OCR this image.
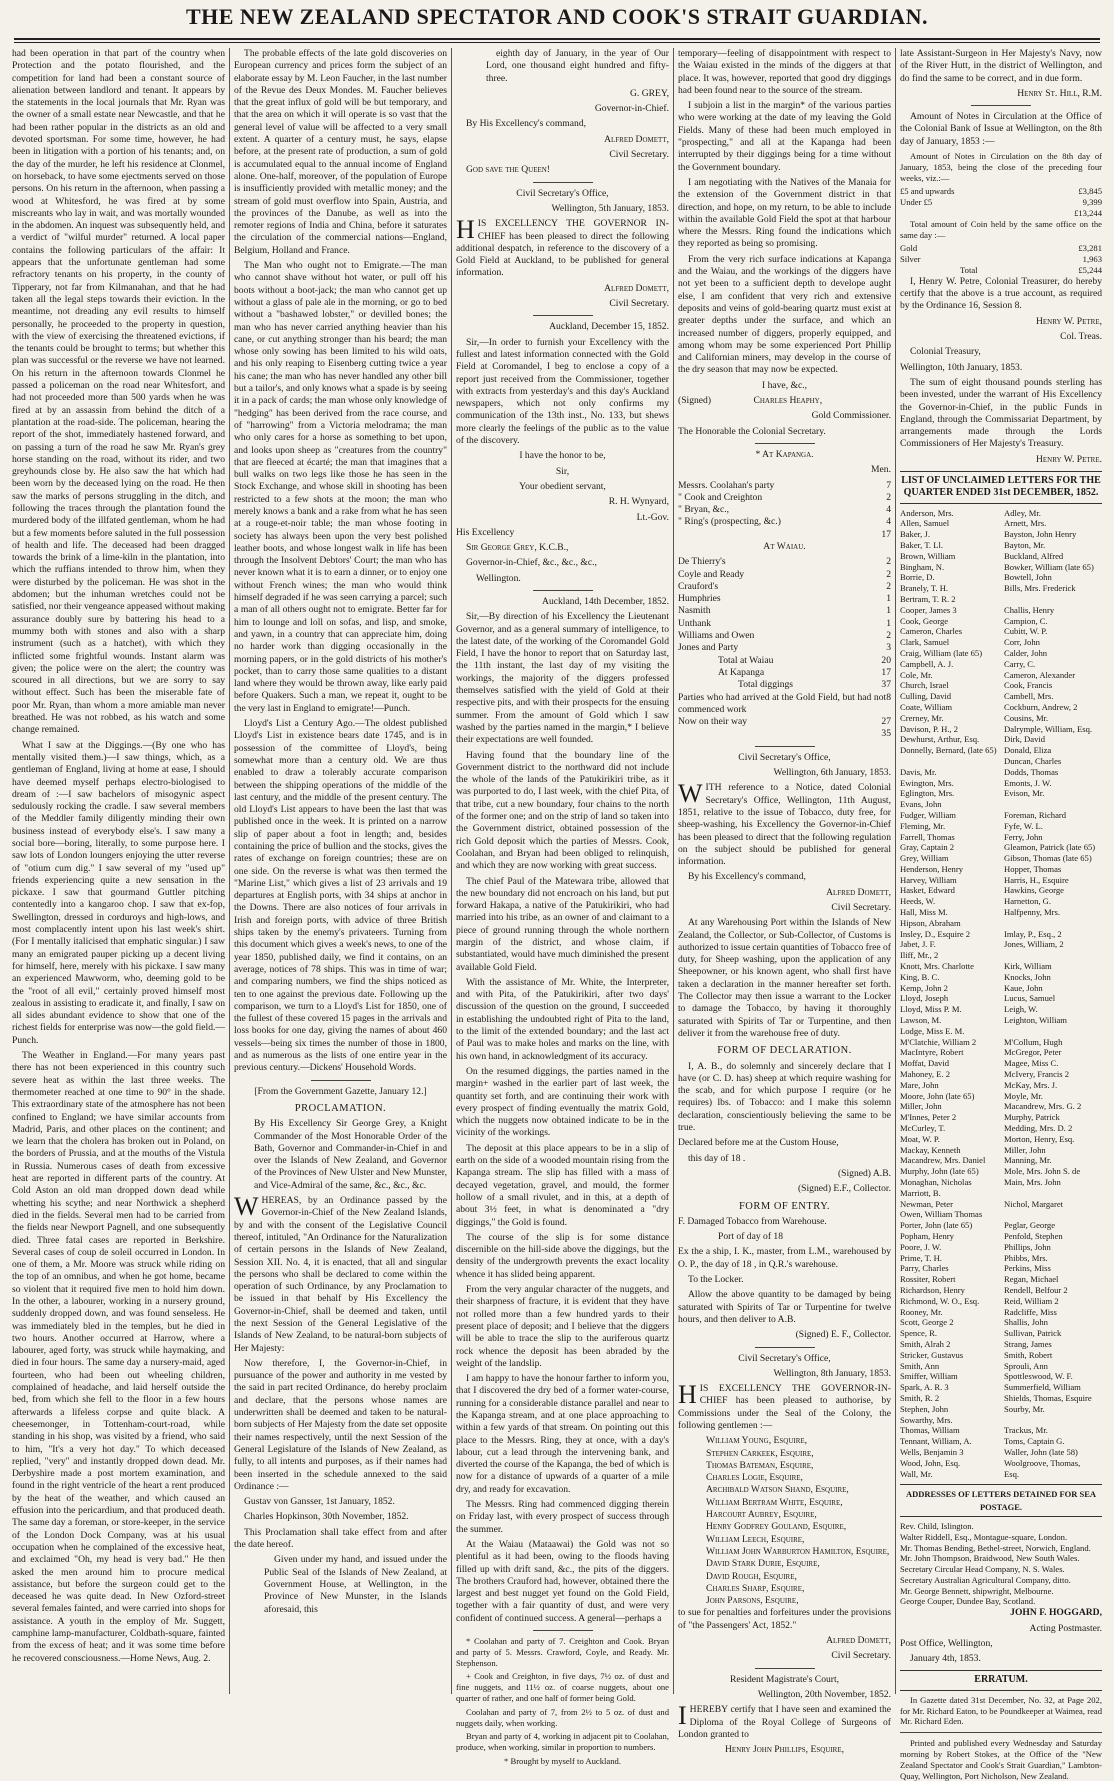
THE NEW ZEALAND SPECTATOR AND COOK'S STRAIT GUARDIAN.

had been operation in that part of the country when Protection and the potato flourished, and the competition for land had been a constant source of alienation between landlord and tenant. It appears by the statements in the local journals that Mr. Ryan was the owner of a small estate near Newcastle, and that he had been rather popular in the districts as an old and devoted sportsman. For some time, however, he had been in litigation with a portion of his tenants; and, on the day of the murder, he left his residence at Clonmel, on horseback, to have some ejectments served on those persons. On his return in the afternoon, when passing a wood at Whitesford, he was fired at by some miscreants who lay in wait, and was mortally wounded in the abdomen. An inquest was subsequently held, and a verdict of "wilful murder" returned. A local paper contains the following particulars of the affair: It appears that the unfortunate gentleman had some refractory tenants on his property, in the county of Tipperary, not far from Kilmanahan, and that he had taken all the legal steps towards their eviction. In the meantime, not dreading any evil results to himself personally, he proceeded to the property in question, with the view of exercising the threatened evictions, if the tenants could be brought to terms; but whether this plan was successful or the reverse we have not learned. On his return in the afternoon towards Clonmel he passed a policeman on the road near Whitesfort, and had not proceeded more than 500 yards when he was fired at by an assassin from behind the ditch of a plantation at the road-side. The policeman, hearing the report of the shot, immediately hastened forward, and on passing a turn of the road he saw Mr. Ryan's grey horse standing on the road, without its rider, and two greyhounds close by. He also saw the hat which had been worn by the deceased lying on the road. He then saw the marks of persons struggling in the ditch, and following the traces through the plantation found the murdered body of the illfated gentleman, whom he had but a few moments before saluted in the full possession of health and life. The deceased had been dragged towards the brink of a lime-kiln in the plantation, into which the ruffians intended to throw him, when they were disturbed by the policeman. He was shot in the abdomen; but the inhuman wretches could not be satisfied, nor their vengeance appeased without making assurance doubly sure by battering his head to a mummy both with stones and also with a sharp instrument (such as a hatchet), with which they inflicted some frightful wounds. Instant alarm was given; the police were on the alert; the country was scoured in all directions, but we are sorry to say without effect. Such has been the miserable fate of poor Mr. Ryan, than whom a more amiable man never breathed. He was not robbed, as his watch and some change remained.

What I saw at the Diggings.—(By one who has mentally visited them.)—I saw things, which, as a gentleman of England, living at home at ease, I should have deemed myself perhaps electro-biologised to dream of :—I saw bachelors of misogynic aspect sedulously rocking the cradle. I saw several members of the Meddler family diligently minding their own business instead of everybody else's. I saw many a social bore—boring, literally, to some purpose here. I saw lots of London loungers enjoying the utter reverse of "otium cum dig." I saw several of my "used up" friends experiencing quite a new sensation in the pickaxe. I saw that gourmand Guttler pitching contentedly into a kangaroo chop. I saw that ex-fop, Swellington, dressed in corduroys and high-lows, and most complacently intent upon his last week's shirt. (For I mentally italicised that emphatic singular.) I saw many an emigrated pauper picking up a decent living for himself, here, merely with his pickaxe. I saw many an experienced Mawworm, who, deeming gold to be the "root of all evil," certainly proved himself most zealous in assisting to eradicate it, and finally, I saw on all sides abundant evidence to show that one of the richest fields for enterprise was now—the gold field.—Punch.

The Weather in England.—For many years past there has not been experienced in this country such severe heat as within the last three weeks. The thermometer reached at one time to 90° in the shade. This extraordinary state of the atmosphere has not been confined to England; we have similar accounts from Madrid, Paris, and other places on the continent; and we learn that the cholera has broken out in Poland, on the borders of Prussia, and at the mouths of the Vistula in Russia. Numerous cases of death from excessive heat are reported in different parts of the country. At Cold Aston an old man dropped down dead while whetting his scythe; and near Northwick a shepherd died in the fields. Several men had to be carried from the fields near Newport Pagnell, and one subsequently died. Three fatal cases are reported in Berkshire. Several cases of coup de soleil occurred in London. In one of them, a Mr. Moore was struck while riding on the top of an omnibus, and when he got home, became so violent that it required five men to hold him down. In the other, a labourer, working in a nursery ground, suddenly dropped down, and was found senseless. He was immediately bled in the temples, but he died in two hours. Another occurred at Harrow, where a labourer, aged forty, was struck while haymaking, and died in four hours. The same day a nursery-maid, aged fourteen, who had been out wheeling children, complained of headache, and laid herself outside the bed, from which she fell to the floor in a few hours afterwards a lifeless corpse and quite black. A cheesemonger, in Tottenham-court-road, while standing in his shop, was visited by a friend, who said to him, "It's a very hot day." To which deceased replied, "very" and instantly dropped down dead. Mr. Derbyshire made a post mortem examination, and found in the right ventricle of the heart a rent produced by the heat of the weather, and which caused an effusion into the pericardium, and that produced death. The same day a foreman, or store-keeper, in the service of the London Dock Company, was at his usual occupation when he complained of the excessive heat, and exclaimed "Oh, my head is very bad." He then asked the men around him to procure medical assistance, but before the surgeon could get to the deceased he was quite dead. In New Ozford-street several females fainted, and were carried into shops for assistance. A youth in the employ of Mr. Suggett, camphine lamp-manufacturer, Coldbath-square, fainted from the excess of heat; and it was some time before he recovered consciousness.—Home News, Aug. 2.

The probable effects of the late gold discoveries on European currency and prices form the subject of an elaborate essay by M. Leon Faucher, in the last number of the Revue des Deux Mondes. M. Faucher believes that the great influx of gold will be but temporary, and that the area on which it will operate is so vast that the general level of value will be affected to a very small extent. A quarter of a century must, he says, elapse before, at the present rate of production, a sum of gold is accumulated equal to the annual income of England alone. One-half, moreover, of the population of Europe is insufficiently provided with metallic money; and the stream of gold must overflow into Spain, Austria, and the provinces of the Danube, as well as into the remoter regions of India and China, before it saturates the circulation of the commercial nations—England, Belgium, Holland and France.

The Man who ought not to Emigrate.—The man who cannot shave without hot water, or pull off his boots without a boot-jack; the man who cannot get up without a glass of pale ale in the morning, or go to bed without a "bashawed lobster," or devilled bones; the man who has never carried anything heavier than his cane, or cut anything stronger than his beard; the man whose only sowing has been limited to his wild oats, and his only reaping to Eisenberg cutting twice a year his cane; the man who has never handled any other bill but a tailor's, and only knows what a spade is by seeing it in a pack of cards; the man whose only knowledge of "hedging" has been derived from the race course, and of "harrowing" from a Victoria melodrama; the man who only cares for a horse as something to bet upon, and looks upon sheep as "creatures from the country" that are fleeced at écarté; the man that imagines that a bull walks on two legs like those he has seen in the Stock Exchange, and whose skill in shooting has been restricted to a few shots at the moon; the man who merely knows a bank and a rake from what he has seen at a rouge-et-noir table; the man whose footing in society has always been upon the very best polished leather boots, and whose longest walk in life has been through the Insolvent Debtors' Court; the man who has never known what it is to earn a dinner, or to enjoy one without French wines; the man who would think himself degraded if he was seen carrying a parcel; such a man of all others ought not to emigrate. Better far for him to lounge and loll on sofas, and lisp, and smoke, and yawn, in a country that can appreciate him, doing no harder work than digging occasionally in the morning papers, or in the gold districts of his mother's pocket, than to carry those same qualities to a distant land where they would be thrown away, like early paid before Quakers. Such a man, we repeat it, ought to be the very last in England to emigrate!—Punch.

Lloyd's List a Century Ago.—The oldest published Lloyd's List in existence bears date 1745, and is in possession of the committee of Lloyd's, being somewhat more than a century old. We are thus enabled to draw a tolerably accurate comparison between the shipping operations of the middle of the last century, and the middle of the present century. The old Lloyd's List appears to have been the last that was published once in the week. It is printed on a narrow slip of paper about a foot in length; and, besides containing the price of bullion and the stocks, gives the rates of exchange on foreign countries; these are on one side. On the reverse is what was then termed the "Marine List," which gives a list of 23 arrivals and 19 departures at English ports, with 34 ships at anchor in the Downs. There are also notices of four arrivals in Irish and foreign ports, with advice of three British ships taken by the enemy's privateers. Turning from this document which gives a week's news, to one of the year 1850, published daily, we find it contains, on an average, notices of 78 ships. This was in time of war; and comparing numbers, we find the ships noticed as ten to one against the previous date. Following up the comparison, we turn to a Lloyd's List for 1850, one of the fullest of these covered 15 pages in the arrivals and loss books for one day, giving the names of about 460 vessels—being six times the number of those in 1800, and as numerous as the lists of one entire year in the previous century.—Dickens' Household Words.

[From the Government Gazette, January 12.]

PROCLAMATION.

By His Excellency Sir George Grey, a Knight Commander of the Most Honorable Order of the Bath, Governor and Commander-in-Chief in and over the Islands of New Zealand, and Governor of the Provinces of New Ulster and New Munster, and Vice-Admiral of the same, &c., &c., &c.

WHEREAS, by an Ordinance passed by the Governor-in-Chief of the New Zealand Islands, by and with the consent of the Legislative Council thereof, intituled, "An Ordinance for the Naturalization of certain persons in the Islands of New Zealand, Session XII. No. 4, it is enacted, that all and singular the persons who shall be declared to come within the operation of such Ordinance, by any Proclamation to be issued in that behalf by His Excellency the Governor-in-Chief, shall be deemed and taken, until the next Session of the General Legislative of the Islands of New Zealand, to be natural-born subjects of Her Majesty:

Now therefore, I, the Governor-in-Chief, in pursuance of the power and authority in me vested by the said in part recited Ordinance, do hereby proclaim and declare, that the persons whose names are underwritten shall be deemed and taken to be natural-born subjects of Her Majesty from the date set opposite their names respectively, until the next Session of the General Legislature of the Islands of New Zealand, as fully, to all intents and purposes, as if their names had been inserted in the schedule annexed to the said Ordinance :—

Gustav von Gansser, 1st January, 1852.

Charles Hopkinson, 30th November, 1852.

This Proclamation shall take effect from and after the date hereof.

Given under my hand, and issued under the Public Seal of the Islands of New Zealand, at Government House, at Wellington, in the Province of New Munster, in the Islands aforesaid, this

eighth day of January, in the year of Our Lord, one thousand eight hundred and fifty-three.

G. GREY,

Governor-in-Chief.

By His Excellency's command,

Alfred Domett,

Civil Secretary.

God save the Queen!

Civil Secretary's Office,

Wellington, 5th January, 1853.

HIS EXCELLENCY THE GOVERNOR IN-CHIEF has been pleased to direct the following additional despatch, in reference to the discovery of a Gold Field at Auckland, to be published for general information.

Alfred Domett,

Civil Secretary.

Auckland, December 15, 1852.

Sir,—In order to furnish your Excellency with the fullest and latest information connected with the Gold Field at Coromandel, I beg to enclose a copy of a report just received from the Commissioner, together with extracts from yesterday's and this day's Auckland newspapers, which not only confirms my communication of the 13th inst., No. 133, but shews more clearly the feelings of the public as to the value of the discovery.

I have the honor to be,

Sir,

Your obedient servant,

R. H. Wynyard,

Lt.-Gov.

His Excellency

Sir George Grey, K.C.B.,

Governor-in-Chief, &c., &c., &c.,

Wellington.

Auckland, 14th December, 1852.

Sir,—By direction of his Excellency the Lieutenant Governor, and as a general summary of intelligence, to the latest date, of the working of the Coromandel Gold Field, I have the honor to report that on Saturday last, the 11th instant, the last day of my visiting the workings, the majority of the diggers professed themselves satisfied with the yield of Gold at their respective pits, and with their prospects for the ensuing summer. From the amount of Gold which I saw washed by the parties named in the margin,* I believe their expectations are well founded.

Having found that the boundary line of the Government district to the northward did not include the whole of the lands of the Patukirikiri tribe, as it was purported to do, I last week, with the chief Pita, of that tribe, cut a new boundary, four chains to the north of the former one; and on the strip of land so taken into the Government district, obtained possession of the rich Gold deposit which the parties of Messrs. Cook, Coolahan, and Bryan had been obliged to relinquish, and which they are now working with great success.

The chief Paul of the Matewara tribe, allowed that the new boundary did not encroach on his land, but put forward Hakapa, a native of the Patukirikiri, who had married into his tribe, as an owner of and claimant to a piece of ground running through the whole northern margin of the district, and whose claim, if substantiated, would have much diminished the present available Gold Field.

With the assistance of Mr. White, the Interpreter, and with Pita, of the Patukirikiri, after two days' discussion of the question on the ground, I succeeded in establishing the undoubted right of Pita to the land, to the limit of the extended boundary; and the last act of Paul was to make holes and marks on the line, with his own hand, in acknowledgment of its accuracy.

On the resumed diggings, the parties named in the margin+ washed in the earlier part of last week, the quantity set forth, and are continuing their work with every prospect of finding eventually the matrix Gold, which the nuggets now obtained indicate to be in the vicinity of the workings.

The deposit at this place appears to be in a slip of earth on the side of a wooded mountain rising from the Kapanga stream. The slip has filled with a mass of decayed vegetation, gravel, and mould, the former hollow of a small rivulet, and in this, at a depth of about 3½ feet, in what is denominated a "dry diggings," the Gold is found.

The course of the slip is for some distance discernible on the hill-side above the diggings, but the density of the undergrowth prevents the exact locality whence it has slided being apparent.

From the very angular character of the nuggets, and their sharpness of fracture, it is evident that they have not rolled more than a few hundred yards to their present place of deposit; and I believe that the diggers will be able to trace the slip to the auriferous quartz rock whence the deposit has been abraded by the weight of the landslip.

I am happy to have the honour farther to inform you, that I discovered the dry bed of a former water-course, running for a considerable distance parallel and near to the Kapanga stream, and at one place approaching to within a few yards of that stream. On pointing out this place to the Messrs. Ring, they at once, with a day's labour, cut a lead through the intervening bank, and diverted the course of the Kapanga, the bed of which is now for a distance of upwards of a quarter of a mile dry, and ready for excavation.

The Messrs. Ring had commenced digging therein on Friday last, with every prospect of success through the summer.

At the Waiau (Mataawai) the Gold was not so plentiful as it had been, owing to the floods having filled up with drift sand, &c., the pits of the diggers. The brothers Crauford had, however, obtained there the largest and best nugget yet found on the Gold Field, together with a fair quantity of dust, and were very confident of continued success. A general—perhaps a

* Coolahan and party of 7. Creighton and Cook. Bryan and party of 5. Messrs. Crawford, Coyle, and Ready. Mr. Stephenson.

+ Cook and Creighton, in five days, 7½ oz. of dust and fine nuggets, and 11½ oz. of coarse nuggets, about one quarter of rather, and one half of former being Gold.

Coolahan and party of 7, from 2½ to 5 oz. of dust and nuggets daily, when working.

Bryan and party of 4, working in adjacent pit to Coolahan, produce, when working, similar in proportion to numbers.

* Brought by myself to Auckland.

temporary—feeling of disappointment with respect to the Waiau existed in the minds of the diggers at that place. It was, however, reported that good dry diggings had been found near to the source of the stream.

I subjoin a list in the margin* of the various parties who were working at the date of my leaving the Gold Fields. Many of these had been much employed in "prospecting," and all at the Kapanga had been interrupted by their diggings being for a time without the Government boundary.

I am negotiating with the Natives of the Manaia for the extension of the Government district in that direction, and hope, on my return, to be able to include within the available Gold Field the spot at that harbour where the Messrs. Ring found the indications which they reported as being so promising.

From the very rich surface indications at Kapanga and the Waiau, and the workings of the diggers have not yet been to a sufficient depth to develope aught else, I am confident that very rich and extensive deposits and veins of gold-bearing quartz must exist at greater depths under the surface, and which an increased number of diggers, properly equipped, and among whom may be some experienced Port Phillip and Californian miners, may develop in the course of the dry season that may now be expected.

I have, &c.,

(Signed)	Charles Heaphy,

Gold Commissioner.

The Honorable the Colonial Secretary.

* At Kapanga.

Men.

Messrs. Coolahan's party	7
" Cook and Creighton	2
" Bryan, &c.,	4
" Ring's (prospecting, &c.)	4
17

At Waiau.

De Thierry's	2
Coyle and Ready	2
Crauford's	2
Humphries	1
Nasmith	1
Unthank	1
Williams and Owen	2
Jones and Party	3
Total at Waiau	20
At Kapanga	17
Total diggings	37
Parties who had arrived at the Gold Field, but had not commenced work
8
Now on their way	27
35

Civil Secretary's Office,

Wellington, 6th January, 1853.

WITH reference to a Notice, dated Colonial Secretary's Office, Wellington, 11th August, 1851, relative to the issue of Tobacco, duty free, for sheep-washing, his Excellency the Governor-in-Chief has been pleased to direct that the following regulation on the subject should be published for general information.

By his Excellency's command,

Alfred Domett,

Civil Secretary.

At any Warehousing Port within the Islands of New Zealand, the Collector, or Sub-Collector, of Customs is authorized to issue certain quantities of Tobacco free of duty, for Sheep washing, upon the application of any Sheepowner, or his known agent, who shall first have taken a declaration in the manner hereafter set forth. The Collector may then issue a warrant to the Locker to damage the Tobacco, by having it thoroughly saturated with Spirits of Tar or Turpentine, and then deliver it from the warehouse free of duty.

FORM OF DECLARATION.

I, A. B., do solemnly and sincerely declare that I have (or C. D. has) sheep at which require washing for the scab, and for which purpose I require (or he requires) lbs. of Tobacco: and I make this solemn declaration, conscientiously believing the same to be true.

Declared before me at the Custom House,

this day of 18 .

(Signed) A.B.

(Signed) E.F., Collector.

FORM OF ENTRY.

F. Damaged Tobacco from Warehouse.

Port of day of 18

Ex the a ship, I. K., master, from L.M., warehoused by O. P., the day of 18 , in Q.R.'s warehouse.

To the Locker.

Allow the above quantity to be damaged by being saturated with Spirits of Tar or Turpentine for twelve hours, and then deliver to A.B.

(Signed) E. F., Collector.

Civil Secretary's Office,

Wellington, 8th January, 1853.

HIS EXCELLENCY THE GOVERNOR-IN-CHIEF has been pleased to authorise, by Commissions under the Seal of the Colony, the following gentlemen :—

William Young, Esquire,
Stephen Carkeek, Esquire,
Thomas Bateman, Esquire,
Charles Logie, Esquire,
Archibald Watson Shand, Esquire,
William Bertram White, Esquire,
Harcourt Aubrey, Esquire,
Henry Godfrey Gouland, Esquire,
William Leech, Esquire,
William John Warburton Hamilton, Esquire,
David Stark Durie, Esquire,
David Rough, Esquire,
Charles Sharp, Esquire,
John Parsons, Esquire,

to sue for penalties and forfeitures under the provisions of "the Passengers' Act, 1852."

Alfred Domett,

Civil Secretary.

Resident Magistrate's Court,

Wellington, 20th November, 1852.

IHEREBY certify that I have seen and examined the Diploma of the Royal College of Surgeons of London granted to

Henry John Phillips, Esquire,

late Assistant-Surgeon in Her Majesty's Navy, now of the River Hutt, in the district of Wellington, and do find the same to be correct, and in due form.

Henry St. Hill, R.M.

Amount of Notes in Circulation at the Office of the Colonial Bank of Issue at Wellington, on the 8th day of January, 1853 :—

Amount of Notes in Circulation on the 8th day of January, 1853, being the close of the preceding four weeks, viz.:—

£5 and upwards	£3,845
Under £5	9,399
£13,244

Total amount of Coin held by the same office on the same day :—

Gold	£3,281
Silver	1,963
Total	£5,244

I, Henry W. Petre, Colonial Treasurer, do hereby certify that the above is a true account, as required by the Ordinance 16, Session 8.

Henry W. Petre,

Col. Treas.

Colonial Treasury,

Wellington, 10th January, 1853.

The sum of eight thousand pounds sterling has been invested, under the warrant of His Excellency the Governor-in-Chief, in the public Funds in England, through the Commissariat Department, by arrangements made through the Lords Commissioners of Her Majesty's Treasury.

Henry W. Petre.

LIST OF UNCLAIMED LETTERS FOR THE QUARTER ENDED 31st DECEMBER, 1852.
Anderson, Mrs.	Adley, Mr.
Allen, Samuel	Arnett, Mrs.
Baker, J.	Bayston, John Henry
Baker, T. Ll.	Bayton, Mr.
Brown, William	Buckland, Alfred
Bingham, N.	Bowker, William (late 65)
Borrie, D.	Bowtell, John
Branely, T. H.	Bills, Mrs. Frederick
Bertram, T. R. 2
Cooper, James 3	Challis, Henry
Cook, George	Campion, C.
Cameron, Charles	Cubitt, W. P.
Clark, Samuel	Corr, John
Craig, William (late 65)	Calder, John
Campbell, A. J.	Carry, C.
Cole, Mr.	Cameron, Alexander
Church, Israel	Cook, Francis
Culling, David	Cambell, Mrs.
Coate, William	Cockburn, Andrew, 2
Crerney, Mr.	Cousins, Mr.
Davison, P. H., 2	Dalrymple, William, Esq.
Dewhurst, Arthur, Esq.	Dirk, David
Donnelly, Bernard, (late 65) Donald, Eliza
Duncan, Charles
Davis, Mr.	Dodds, Thomas
Ewington, Mrs.	Emonts, J. W.
Eglington, Mrs.	Evison, Mr.
Evans, John
Fudger, William	Foreman, Richard
Fleming, Mr.	Fyfe, W. L.
Farrell, Thomas	Ferry, John
Gray, Captain 2	Gleamon, Patrick (late 65)
Grey, William	Gibson, Thomas (late 65)
Henderson, Henry	Hopper, Thomas
Harvey, William	Harris, H., Esquire
Hasket, Edward	Hawkins, George
Heeds, W.	Harnetton, G.
Hall, Miss M.	Halfpenny, Mrs.
Hipson, Abraham
Insley, D., Esquire 2	Imlay, P., Esq., 2
Jabet, J. F.	Jones, William, 2
Iliff, Mr., 2
Knott, Mrs. Charlotte	Kirk, William
King, B. C.	Knocks, John
Kemp, John 2	Kaue, John
Lloyd, Joseph	Lucus, Samuel
Lloyd, Miss P. M.	Leigh, W.
Lawson, M.	Leighton, William
Lodge, Miss E. M.
M'Clatchie, William 2	M'Collum, Hugh
MacIntyre, Robert	McGregor, Peter
Moffat, David	Magee, Miss C.
Mahoney, E. 2	McIvery, Francis 2
Mare, John	McKay, Mrs. J.
Moore, John (late 65)	Moyle, Mr.
Miller, John	Macandrew, Mrs. G. 2
M'Innes, Peter 2	Murphy, Patrick
McCurley, T.	Medding, Mrs. D. 2
Moat, W. P.	Morton, Henry, Esq.
Mackay, Kenneth	Miller, John
Macandrew, Mrs. Daniel	Manning, Mr.
Murphy, John (late 65)	Mole, Mrs. John S. de
Monaghan, Nicholas	Main, Mrs. John
Marriott, B.
Newman, Peter	Nichol, Margaret
Owen, William Thomas
Porter, John (late 65)	Peglar, George
Popham, Henry	Penfold, Stephen
Poore, J. W.	Phillips, John
Prime, T. H.	Phibbs, Mrs.
Parry, Charles	Perkins, Miss
Rossiter, Robert	Regan, Michael
Richardson, Henry	Rendell, Belfour 2
Richmond, W. O., Esq.	Reid, William 2
Rooney, Mr.	Radcliffe, Miss
Scott, George 2	Shallis, John
Spence, R.	Sullivan, Patrick
Smith, Alrah 2	Strang, James
Stricker, Gustavus	Smith, Robert
Smith, Ann	Sprouli, Ann
Smiffer, William	Spottleswood, W. F.
Spark, A. R. 3	Summerfield, William
Smith, R. 2	Shields, Thomas, Esquire
Stephen, John	Sourby, Mr.
Sowarthy, Mrs.
Thomas, William	Trackus, Mr.
Tennant, William, A.	Toms, Captain G.
Wells, Benjamin 3	Waller, John (late 58)
Wood, John, Esq.	Woolgroove, Thomas,
Wall, Mr.	Esq.
ADDRESSES OF LETTERS DETAINED FOR SEA POSTAGE.
Rev. Child, Islington.
Walter Riddell, Esq., Montague-square, London.
Mr. Thomas Bending, Bethel-street, Norwich, England.
Mr. John Thompson, Braidwood, New South Wales.
Secretary Circular Head Company, N. S. Wales.
Secretary Australian Agricultural Company, ditto.
Mr. George Bennett, shipwright, Melbourne.
George Couper, Dundee Bay, Scotland.

JOHN F. HOGGARD,

Acting Postmaster.

Post Office, Wellington,

January 4th, 1853.

ERRATUM.

In Gazette dated 31st December, No. 32, at Page 202, for Mr. Richard Eaton, to be Poundkeeper at Waimea, read Mr. Richard Eden.

Printed and published every Wednesday and Saturday morning by Robert Stokes, at the Office of the "New Zealand Spectator and Cook's Strait Guardian," Lambton-Quay, Wellington, Port Nicholson, New Zealand.
